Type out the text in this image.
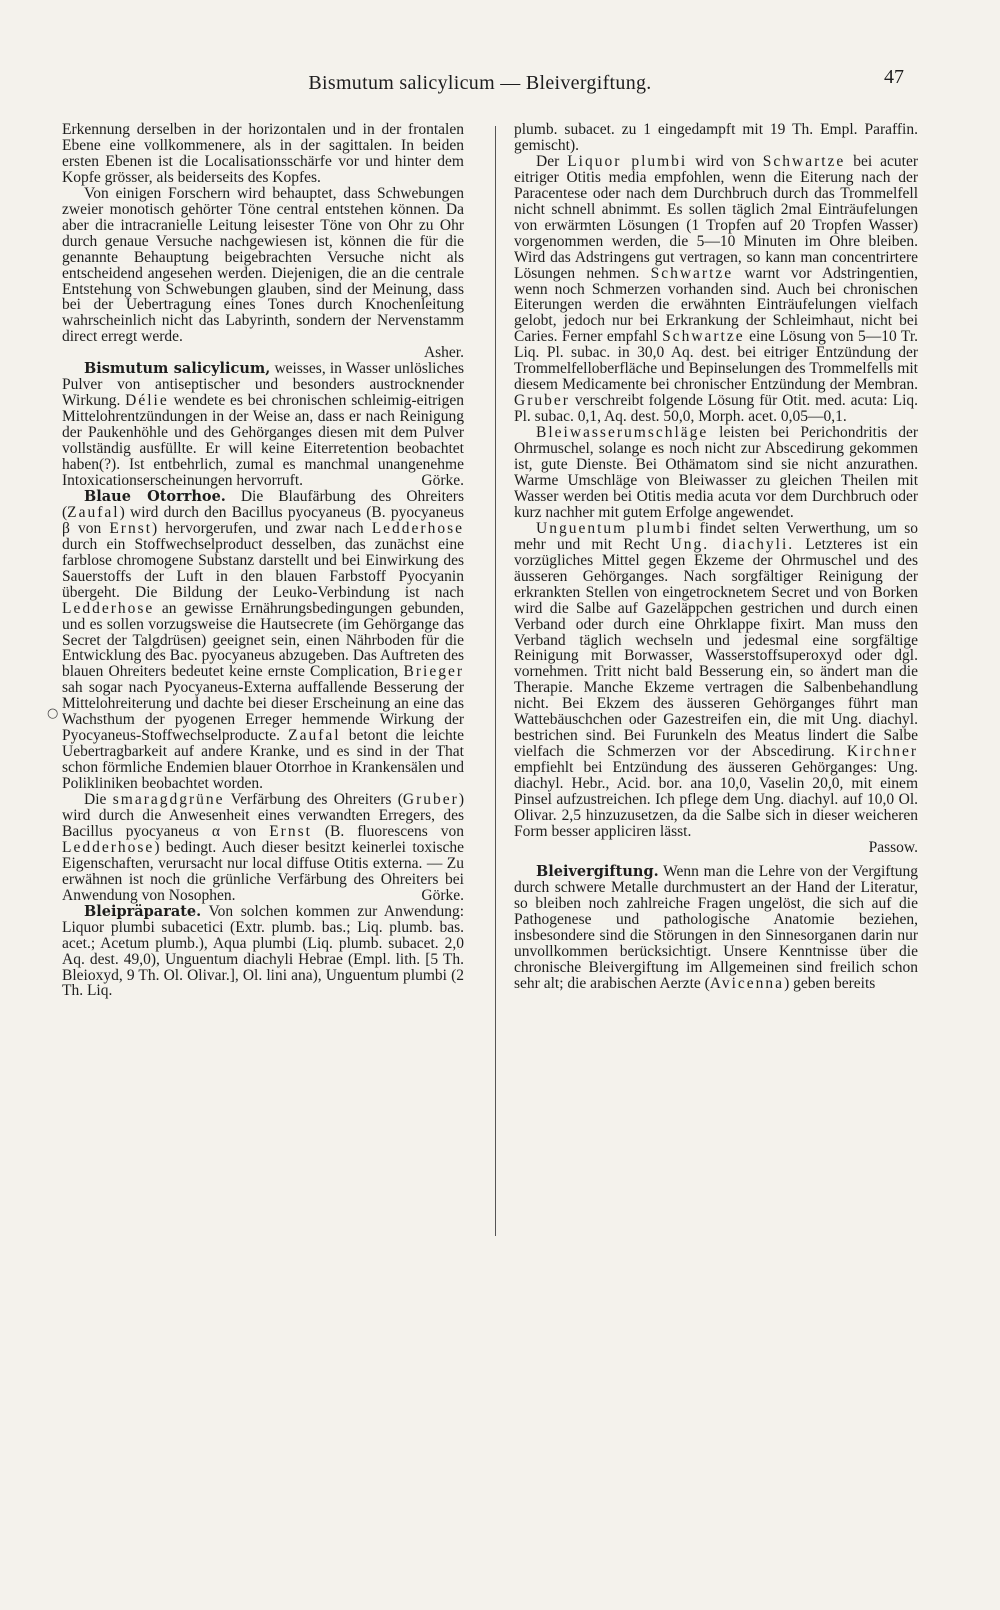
Bismutum salicylicum — Bleivergiftung.	47
○

Erkennung derselben in der horizontalen und in der frontalen Ebene eine vollkommenere, als in der sagittalen. In beiden ersten Ebenen ist die Localisationsschärfe vor und hinter dem Kopfe grösser, als beiderseits des Kopfes.

Von einigen Forschern wird behauptet, dass Schwebungen zweier monotisch gehörter Töne central entstehen können. Da aber die intracranielle Leitung leisester Töne von Ohr zu Ohr durch genaue Versuche nachgewiesen ist, können die für die genannte Behauptung beigebrachten Versuche nicht als entscheidend angesehen werden. Diejenigen, die an die centrale Entstehung von Schwebungen glauben, sind der Meinung, dass bei der Uebertragung eines Tones durch Knochenleitung wahrscheinlich nicht das Labyrinth, sondern der Nervenstamm direct erregt werde.

Asher.

Bismutum salicylicum, weisses, in Wasser unlösliches Pulver von antiseptischer und besonders austrocknender Wirkung. Délie wendete es bei chronischen schleimig-eitrigen Mittelohrentzündungen in der Weise an, dass er nach Reinigung der Paukenhöhle und des Gehörganges diesen mit dem Pulver vollständig ausfüllte. Er will keine Eiterretention beobachtet haben(?). Ist entbehrlich, zumal es manchmal unangenehme Intoxicationserscheinungen hervorruft.	Görke.

Blaue Otorrhoe. Die Blaufärbung des Ohreiters (Zaufal) wird durch den Bacillus pyocyaneus (B. pyocyaneus β von Ernst) hervorgerufen, und zwar nach Ledderhose durch ein Stoffwechselproduct desselben, das zunächst eine farblose chromogene Substanz darstellt und bei Einwirkung des Sauerstoffs der Luft in den blauen Farbstoff Pyocyanin übergeht. Die Bildung der Leuko-Verbindung ist nach Ledderhose an gewisse Ernährungsbedingungen gebunden, und es sollen vorzugsweise die Hautsecrete (im Gehörgange das Secret der Talgdrüsen) geeignet sein, einen Nährboden für die Entwicklung des Bac. pyocyaneus abzugeben. Das Auftreten des blauen Ohreiters bedeutet keine ernste Complication, Brieger sah sogar nach Pyocyaneus-Externa auffallende Besserung der Mittelohreiterung und dachte bei dieser Erscheinung an eine das Wachsthum der pyogenen Erreger hemmende Wirkung der Pyocyaneus-Stoffwechselproducte. Zaufal betont die leichte Uebertragbarkeit auf andere Kranke, und es sind in der That schon förmliche Endemien blauer Otorrhoe in Krankensälen und Polikliniken beobachtet worden.

Die smaragdgrüne Verfärbung des Ohreiters (Gruber) wird durch die Anwesenheit eines verwandten Erregers, des Bacillus pyocyaneus α von Ernst (B. fluorescens von Ledderhose) bedingt. Auch dieser besitzt keinerlei toxische Eigenschaften, verursacht nur local diffuse Otitis externa. — Zu erwähnen ist noch die grünliche Verfärbung des Ohreiters bei Anwendung von Nosophen.	Görke.

Bleipräparate. Von solchen kommen zur Anwendung: Liquor plumbi subacetici (Extr. plumb. bas.; Liq. plumb. bas. acet.; Acetum plumb.), Aqua plumbi (Liq. plumb. subacet. 2,0 Aq. dest. 49,0), Unguentum diachyli Hebrae (Empl. lith. [5 Th. Bleioxyd, 9 Th. Ol. Olivar.], Ol. lini ana), Unguentum plumbi (2 Th. Liq.

plumb. subacet. zu 1 eingedampft mit 19 Th. Empl. Paraffin. gemischt).

Der Liquor plumbi wird von Schwartze bei acuter eitriger Otitis media empfohlen, wenn die Eiterung nach der Paracentese oder nach dem Durchbruch durch das Trommelfell nicht schnell abnimmt. Es sollen täglich 2mal Einträufelungen von erwärmten Lösungen (1 Tropfen auf 20 Tropfen Wasser) vorgenommen werden, die 5—10 Minuten im Ohre bleiben. Wird das Adstringens gut vertragen, so kann man concentrirtere Lösungen nehmen. Schwartze warnt vor Adstringentien, wenn noch Schmerzen vorhanden sind. Auch bei chronischen Eiterungen werden die erwähnten Einträufelungen vielfach gelobt, jedoch nur bei Erkrankung der Schleimhaut, nicht bei Caries. Ferner empfahl Schwartze eine Lösung von 5—10 Tr. Liq. Pl. subac. in 30,0 Aq. dest. bei eitriger Entzündung der Trommelfelloberfläche und Bepinselungen des Trommelfells mit diesem Medicamente bei chronischer Entzündung der Membran. Gruber verschreibt folgende Lösung für Otit. med. acuta: Liq. Pl. subac. 0,1, Aq. dest. 50,0, Morph. acet. 0,05—0,1.

Bleiwasserumschläge leisten bei Perichondritis der Ohrmuschel, solange es noch nicht zur Abscedirung gekommen ist, gute Dienste. Bei Othämatom sind sie nicht anzurathen. Warme Umschläge von Bleiwasser zu gleichen Theilen mit Wasser werden bei Otitis media acuta vor dem Durchbruch oder kurz nachher mit gutem Erfolge angewendet.

Unguentum plumbi findet selten Verwerthung, um so mehr und mit Recht Ung. diachyli. Letzteres ist ein vorzügliches Mittel gegen Ekzeme der Ohrmuschel und des äusseren Gehörganges. Nach sorgfältiger Reinigung der erkrankten Stellen von eingetrocknetem Secret und von Borken wird die Salbe auf Gazeläppchen gestrichen und durch einen Verband oder durch eine Ohrklappe fixirt. Man muss den Verband täglich wechseln und jedesmal eine sorgfältige Reinigung mit Borwasser, Wasserstoffsuperoxyd oder dgl. vornehmen. Tritt nicht bald Besserung ein, so ändert man die Therapie. Manche Ekzeme vertragen die Salbenbehandlung nicht. Bei Ekzem des äusseren Gehörganges führt man Wattebäuschchen oder Gazestreifen ein, die mit Ung. diachyl. bestrichen sind. Bei Furunkeln des Meatus lindert die Salbe vielfach die Schmerzen vor der Abscedirung. Kirchner empfiehlt bei Entzündung des äusseren Gehörganges: Ung. diachyl. Hebr., Acid. bor. ana 10,0, Vaselin 20,0, mit einem Pinsel aufzustreichen. Ich pflege dem Ung. diachyl. auf 10,0 Ol. Olivar. 2,5 hinzuzusetzen, da die Salbe sich in dieser weicheren Form besser appliciren lässt.

Passow.

Bleivergiftung. Wenn man die Lehre von der Vergiftung durch schwere Metalle durchmustert an der Hand der Literatur, so bleiben noch zahlreiche Fragen ungelöst, die sich auf die Pathogenese und pathologische Anatomie beziehen, insbesondere sind die Störungen in den Sinnesorganen darin nur unvollkommen berücksichtigt. Unsere Kenntnisse über die chronische Bleivergiftung im Allgemeinen sind freilich schon sehr alt; die arabischen Aerzte (Avicenna) geben bereits
